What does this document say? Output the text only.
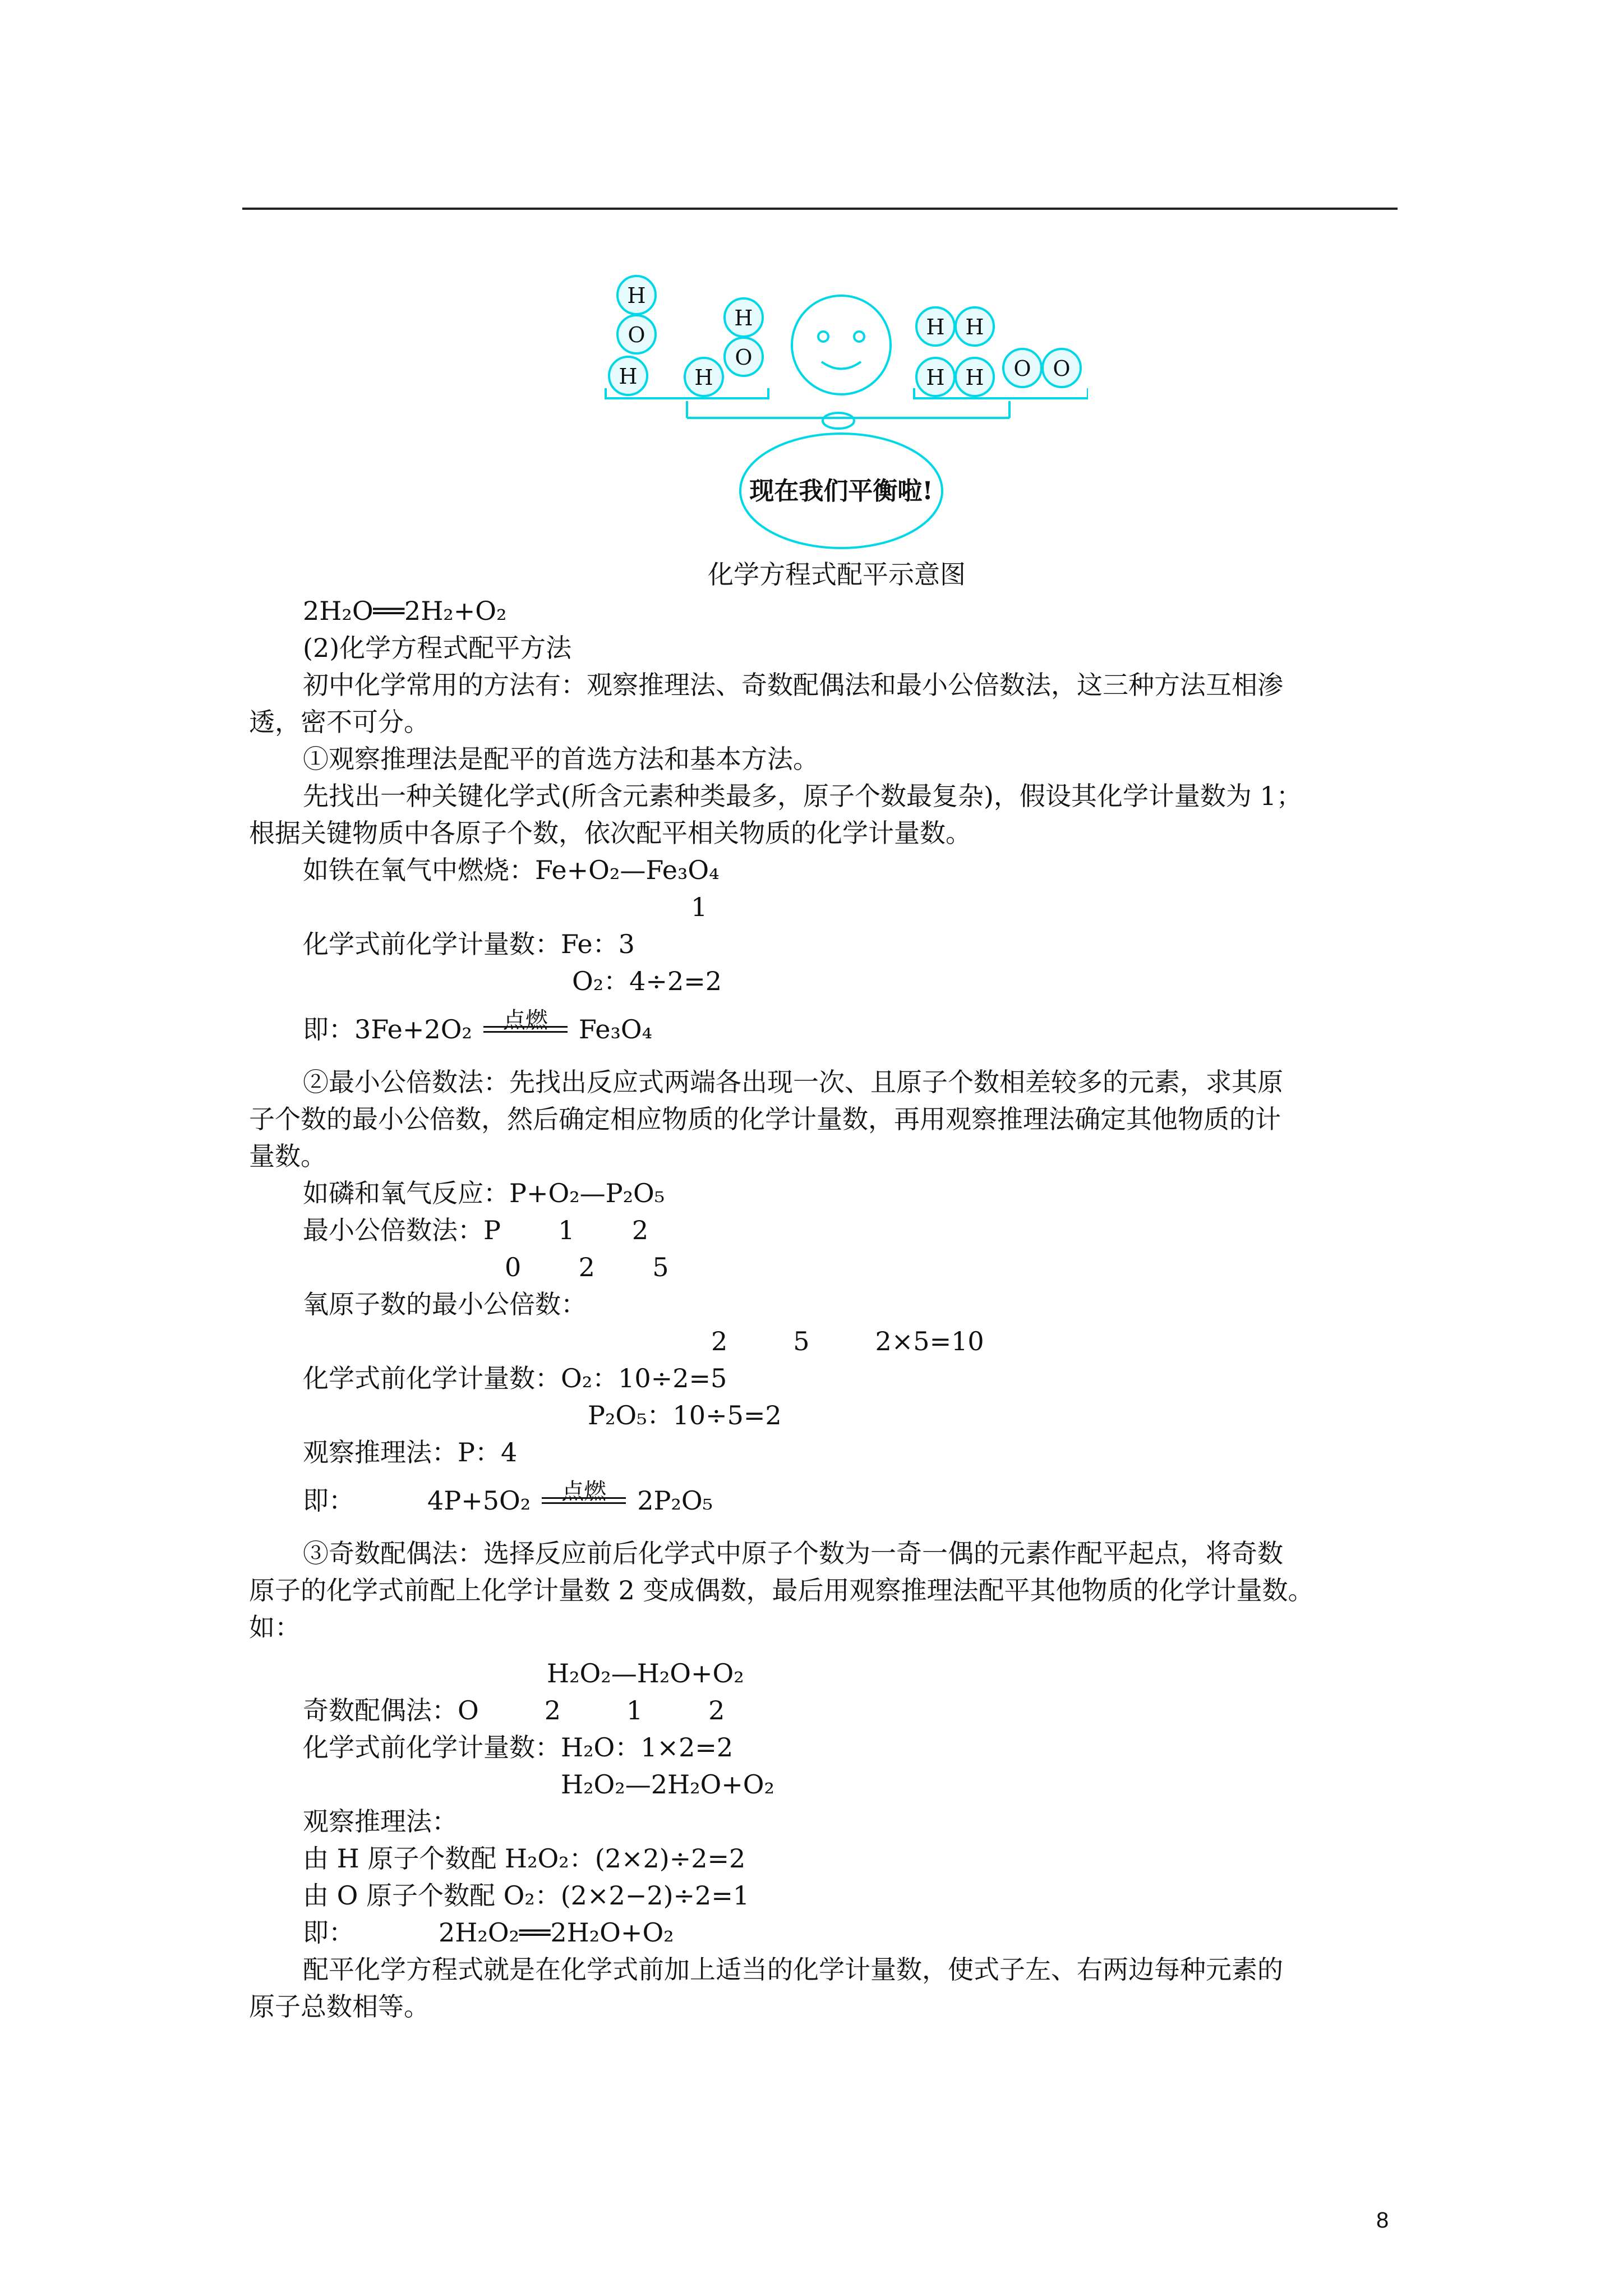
H
O
H
H
O
H
H H
H H O O
现在我们平衡啦!
化学方程式配平示意图
2H₂O══2H₂+O₂
(2)化学方程式配平方法
初中化学常用的方法有：观察推理法、奇数配偶法和最小公倍数法，这三种方法互相渗
透，密不可分。
①观察推理法是配平的首选方法和基本方法。
先找出一种关键化学式(所含元素种类最多，原子个数最复杂)，假设其化学计量数为 1；
根据关键物质中各原子个数，依次配平相关物质的化学计量数。
如铁在氧气中燃烧：Fe+O₂—Fe₃O₄
1
化学式前化学计量数：Fe：3
O₂：4÷2=2
即：3Fe+2O₂	点燃	Fe₃O₄
②最小公倍数法：先找出反应式两端各出现一次、且原子个数相差较多的元素，求其原
子个数的最小公倍数，然后确定相应物质的化学计量数，再用观察推理法确定其他物质的计
量数。
如磷和氧气反应：P+O₂—P₂O₅
最小公倍数法：P       1       2
0       2       5
氧原子数的最小公倍数：
2        5        2×5=10
化学式前化学计量数：O₂：10÷2=5
P₂O₅：10÷5=2
观察推理法：P：4
即：	4P+5O₂	点燃	2P₂O₅
③奇数配偶法：选择反应前后化学式中原子个数为一奇一偶的元素作配平起点，将奇数
原子的化学式前配上化学计量数 2 变成偶数，最后用观察推理法配平其他物质的化学计量数。
如：
H₂O₂—H₂O+O₂
奇数配偶法：O        2        1        2
化学式前化学计量数：H₂O：1×2=2
H₂O₂—2H₂O+O₂
观察推理法：
由 H 原子个数配 H₂O₂：(2×2)÷2=2
由 O 原子个数配 O₂：(2×2−2)÷2=1
即：	2H₂O₂══2H₂O+O₂
配平化学方程式就是在化学式前加上适当的化学计量数，使式子左、右两边每种元素的
原子总数相等。
8
